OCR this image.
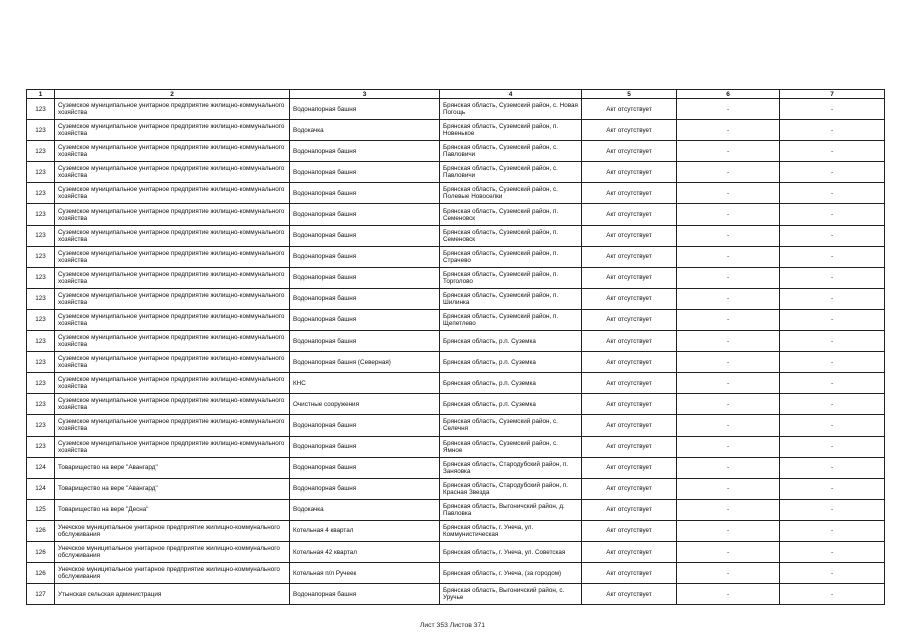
1	2	3	4	5	6	7
123	Суземское муниципальное унитарное предприятие жилищно-коммунального хозяйства	Водонапорная башня	Брянская область, Суземский район, с. Новая Погощь	Акт отсутствует	-	-
123	Суземское муниципальное унитарное предприятие жилищно-коммунального хозяйства	Водокачка	Брянская область, Суземский район, п. Новенькое	Акт отсутствует	-	-
123	Суземское муниципальное унитарное предприятие жилищно-коммунального хозяйства	Водонапорная башня	Брянская область, Суземский район, с. Павловичи	Акт отсутствует	-	-
123	Суземское муниципальное унитарное предприятие жилищно-коммунального хозяйства	Водонапорная башня	Брянская область, Суземский район, с. Павловичи	Акт отсутствует	-	-
123	Суземское муниципальное унитарное предприятие жилищно-коммунального хозяйства	Водонапорная башня	Брянская область, Суземский район, с. Полевые Новоселки	Акт отсутствует	-	-
123	Суземское муниципальное унитарное предприятие жилищно-коммунального хозяйства	Водонапорная башня	Брянская область, Суземский район, п. Семеновск	Акт отсутствует	-	-
123	Суземское муниципальное унитарное предприятие жилищно-коммунального хозяйства	Водонапорная башня	Брянская область, Суземский район, п. Семеновск	Акт отсутствует	-	-
123	Суземское муниципальное унитарное предприятие жилищно-коммунального хозяйства	Водонапорная башня	Брянская область, Суземский район, п. Страчево	Акт отсутствует	-	-
123	Суземское муниципальное унитарное предприятие жилищно-коммунального хозяйства	Водонапорная башня	Брянская область, Суземский район, п. Торголово	Акт отсутствует	-	-
123	Суземское муниципальное унитарное предприятие жилищно-коммунального хозяйства	Водонапорная башня	Брянская область, Суземский район, п. Шилинка	Акт отсутствует	-	-
123	Суземское муниципальное унитарное предприятие жилищно-коммунального хозяйства	Водонапорная башня	Брянская область, Суземский район, п. Щепетлево	Акт отсутствует	-	-
123	Суземское муниципальное унитарное предприятие жилищно-коммунального хозяйства	Водонапорная башня	Брянская область, р.п. Суземка	Акт отсутствует	-	-
123	Суземское муниципальное унитарное предприятие жилищно-коммунального хозяйства	Водонапорная башня (Северная)	Брянская область, р.п. Суземка	Акт отсутствует	-	-
123	Суземское муниципальное унитарное предприятие жилищно-коммунального хозяйства	КНС	Брянская область, р.п. Суземка	Акт отсутствует	-	-
123	Суземское муниципальное унитарное предприятие жилищно-коммунального хозяйства	Очистные сооружения	Брянская область, р.п. Суземка	Акт отсутствует	-	-
123	Суземское муниципальное унитарное предприятие жилищно-коммунального хозяйства	Водонапорная башня	Брянская область, Суземский район, с. Селечня	Акт отсутствует	-	-
123	Суземское муниципальное унитарное предприятие жилищно-коммунального хозяйства	Водонапорная башня	Брянская область, Суземский район, с. Ямное	Акт отсутствует	-	-
124	Товарищество на вере "Авангард"	Водонапорная башня	Брянская область, Стародубский район, п. Заняовка	Акт отсутствует	-	-
124	Товарищество на вере "Авангард"	Водонапорная башня	Брянская область, Стародубский район, п. Красная Звезда	Акт отсутствует	-	-
125	Товарищество на вере "Десна"	Водокачка	Брянская область, Выгоничский район, д. Павловка	Акт отсутствует	-	-
126	Унечское муниципальное унитарное предприятие жилищно-коммунального обслуживания	Котельная 4 квартал	Брянская область, г. Унеча, ул. Коммунистическая	Акт отсутствует	-	-
126	Унечское муниципальное унитарное предприятие жилищно-коммунального обслуживания	Котельная 42 квартал	Брянская область, г. Унеча, ул. Советская	Акт отсутствует	-	-
126	Унечское муниципальное унитарное предприятие жилищно-коммунального обслуживания	Котельная п/л Ручеек	Брянская область, г. Унеча, (за городом)	Акт отсутствует	-	-
127	Утынская сельская администрация	Водонапорная башня	Брянская область, Выгоничский район, с. Уручье	Акт отсутствует	-	-
Лист 353 Листов 371
